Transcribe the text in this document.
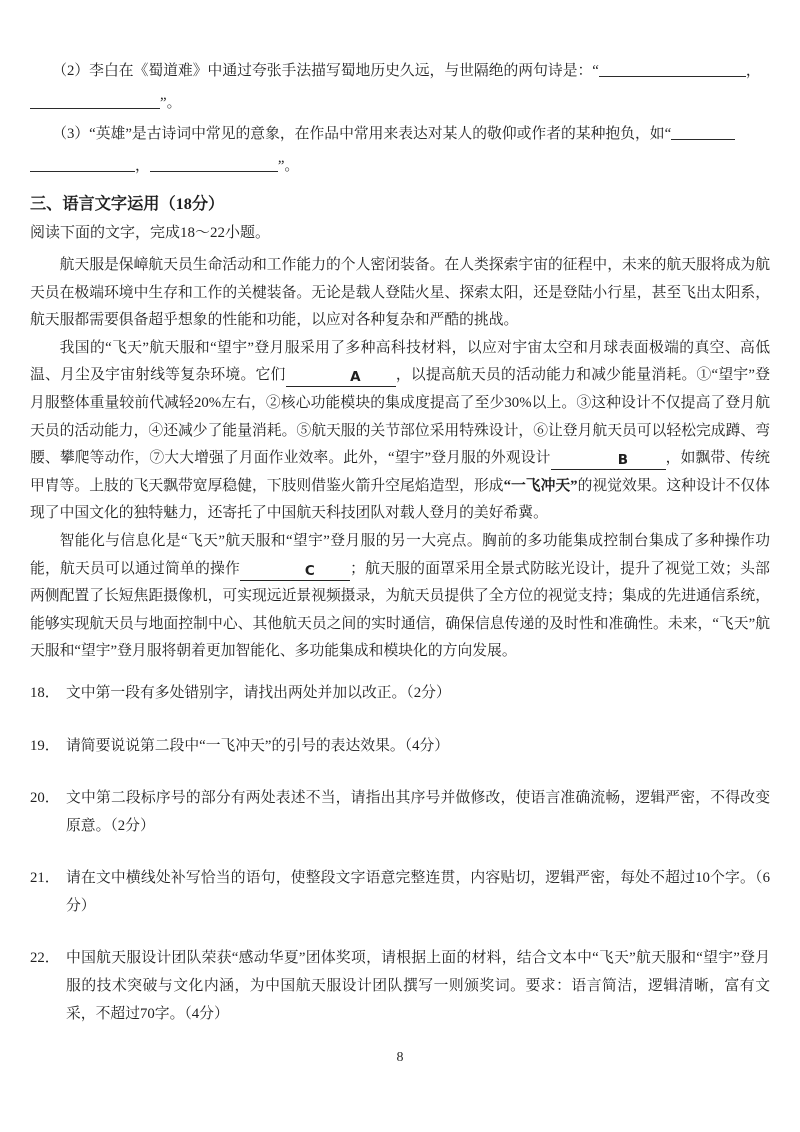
　　（2）李白在《蜀道难》中通过夸张手法描写蜀地历史久远，与世隔绝的两句诗是：“	，
”。
　　（3）“英雄”是古诗词中常见的意象，在作品中常用来表达对某人的敬仰或作者的某种抱负，如“
，	”。
三、语言文字运用（18分）
阅读下面的文字，完成18～22小题。

航天服是保嶂航天员生命活动和工作能力的个人密闭装备。在人类探索宇宙的征程中，未来的航天服将成为航天员在极端环境中生存和工作的关楗装备。无论是载人登陆火星、探索太阳，还是登陆小行星，甚至飞出太阳系，航天服都需要俱备超乎想象的性能和功能，以应对各种复杂和严酷的挑战。

我国的“飞天”航天服和“望宇”登月服采用了多种高科技材料，以应对宇宙太空和月球表面极端的真空、高低温、月尘及宇宙射线等复杂环境。它们	A ，以提高航天员的活动能力和减少能量消耗。①“望宇”登月服整体重量较前代减轻20%左右，②核心功能模块的集成度提高了至少30%以上。③这种设计不仅提高了登月航天员的活动能力，④还减少了能量消耗。⑤航天服的关节部位采用特殊设计，⑥让登月航天员可以轻松完成蹲、弯腰、攀爬等动作，⑦大大增强了月面作业效率。此外，“望宇”登月服的外观设计	B	，如飘带、传统甲胄等。上肢的飞天飘带宽厚稳健，下肢则借鉴火箭升空尾焰造型，形成“一飞冲天”的视觉效果。这种设计不仅体现了中国文化的独特魅力，还寄托了中国航天科技团队对载人登月的美好希冀。

智能化与信息化是“飞天”航天服和“望宇”登月服的另一大亮点。胸前的多功能集成控制台集成了多种操作功能，航天员可以通过简单的操作	C ；航天服的面罩采用全景式防眩光设计，提升了视觉工效；头部两侧配置了长短焦距摄像机，可实现远近景视频摄录，为航天员提供了全方位的视觉支持；集成的先进通信系统，能够实现航天员与地面控制中心、其他航天员之间的实时通信，确保信息传递的及时性和准确性。未来，“飞天”航天服和“望宇”登月服将朝着更加智能化、多功能集成和模块化的方向发展。

18． 文中第一段有多处错别字，请找出两处并加以改正。（2分）
19． 请简要说说第二段中“一飞冲天”的引号的表达效果。（4分）
20． 文中第二段标序号的部分有两处表述不当，请指出其序号并做修改，使语言准确流畅，逻辑严密，不得改变原意。（2分）
21． 请在文中横线处补写恰当的语句，使整段文字语意完整连贯，内容贴切，逻辑严密，每处不超过10个字。（6分）
22． 中国航天服设计团队荣获“感动华夏”团体奖项，请根据上面的材料，结合文本中“飞天”航天服和“望宇”登月服的技术突破与文化内涵，为中国航天服设计团队撰写一则颁奖词。要求：语言简洁，逻辑清晰，富有文采，不超过70字。（4分）
8
